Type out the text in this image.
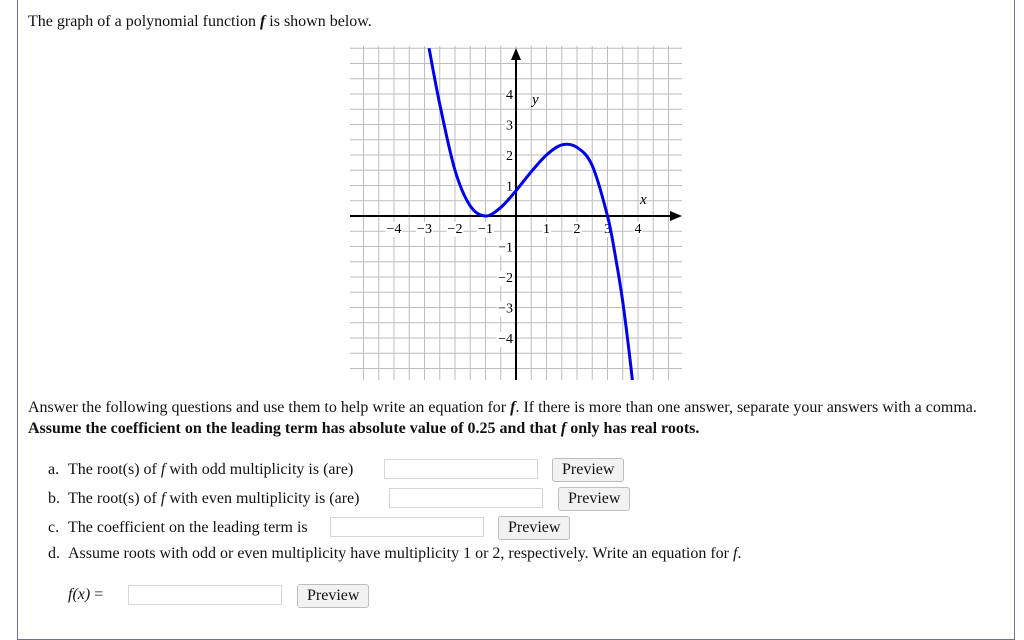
The graph of a polynomial function f is shown below.
−4 −3 −2 −1	1 2 3 4
4
3
2
1
−1
−2
−3
−4
y
x
Answer the following questions and use them to help write an equation for f. If there is more than one answer, separate your answers with a comma. Assume the coefficient on the leading term has absolute value of 0.25 and that f only has real roots.
a. The root(s) of f with odd multiplicity is (are)	Preview
b. The root(s) of f with even multiplicity is (are)	Preview
c. The coefficient on the leading term is	Preview
d. Assume roots with odd or even multiplicity have multiplicity 1 or 2, respectively. Write an equation for f.
f(x) =	Preview
